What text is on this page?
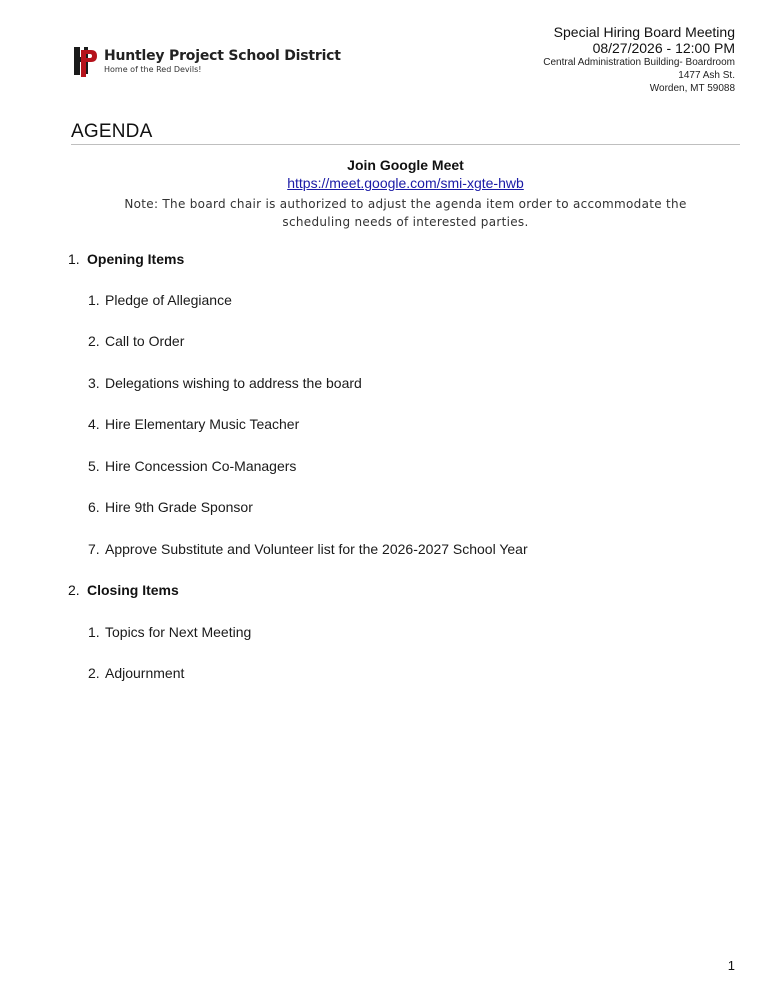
Huntley Project School District
Home of the Red Devils!
Special Hiring Board Meeting
08/27/2026 - 12:00 PM
Central Administration Building- Boardroom
1477 Ash St.
Worden, MT 59088
AGENDA
Join Google Meet
https://meet.google.com/smi-xgte-hwb
Note: The board chair is authorized to adjust the agenda item order to accommodate the scheduling needs of interested parties.
1. Opening Items
1. Pledge of Allegiance
2. Call to Order
3. Delegations wishing to address the board
4. Hire Elementary Music Teacher
5. Hire Concession Co-Managers
6. Hire 9th Grade Sponsor
7. Approve Substitute and Volunteer list for the 2026-2027 School Year
2. Closing Items
1. Topics for Next Meeting
2. Adjournment
1
